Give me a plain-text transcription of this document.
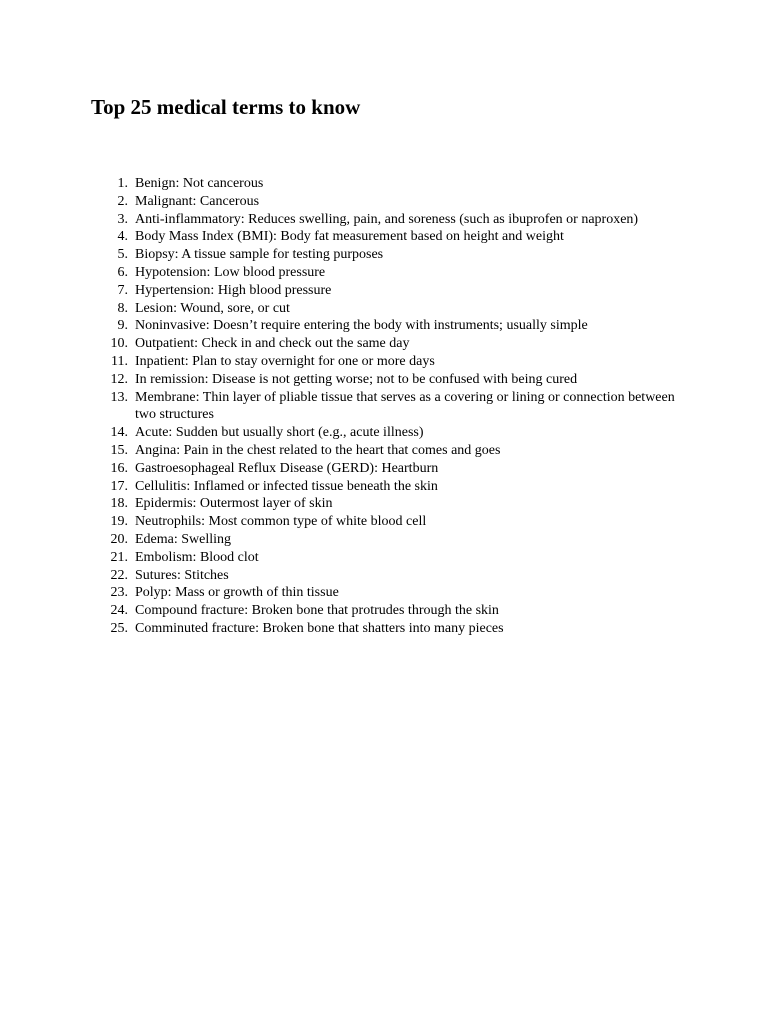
Top 25 medical terms to know
1. Benign: Not cancerous
2. Malignant: Cancerous
3. Anti-inflammatory: Reduces swelling, pain, and soreness (such as ibuprofen or naproxen)
4. Body Mass Index (BMI): Body fat measurement based on height and weight
5. Biopsy: A tissue sample for testing purposes
6. Hypotension: Low blood pressure
7. Hypertension: High blood pressure
8. Lesion: Wound, sore, or cut
9. Noninvasive: Doesn’t require entering the body with instruments; usually simple
10. Outpatient: Check in and check out the same day
11. Inpatient: Plan to stay overnight for one or more days
12. In remission: Disease is not getting worse; not to be confused with being cured
13. Membrane: Thin layer of pliable tissue that serves as a covering or lining or connection between two structures
14. Acute: Sudden but usually short (e.g., acute illness)
15. Angina: Pain in the chest related to the heart that comes and goes
16. Gastroesophageal Reflux Disease (GERD): Heartburn
17. Cellulitis: Inflamed or infected tissue beneath the skin
18. Epidermis: Outermost layer of skin
19. Neutrophils: Most common type of white blood cell
20. Edema: Swelling
21. Embolism: Blood clot
22. Sutures: Stitches
23. Polyp: Mass or growth of thin tissue
24. Compound fracture: Broken bone that protrudes through the skin
25. Comminuted fracture: Broken bone that shatters into many pieces
